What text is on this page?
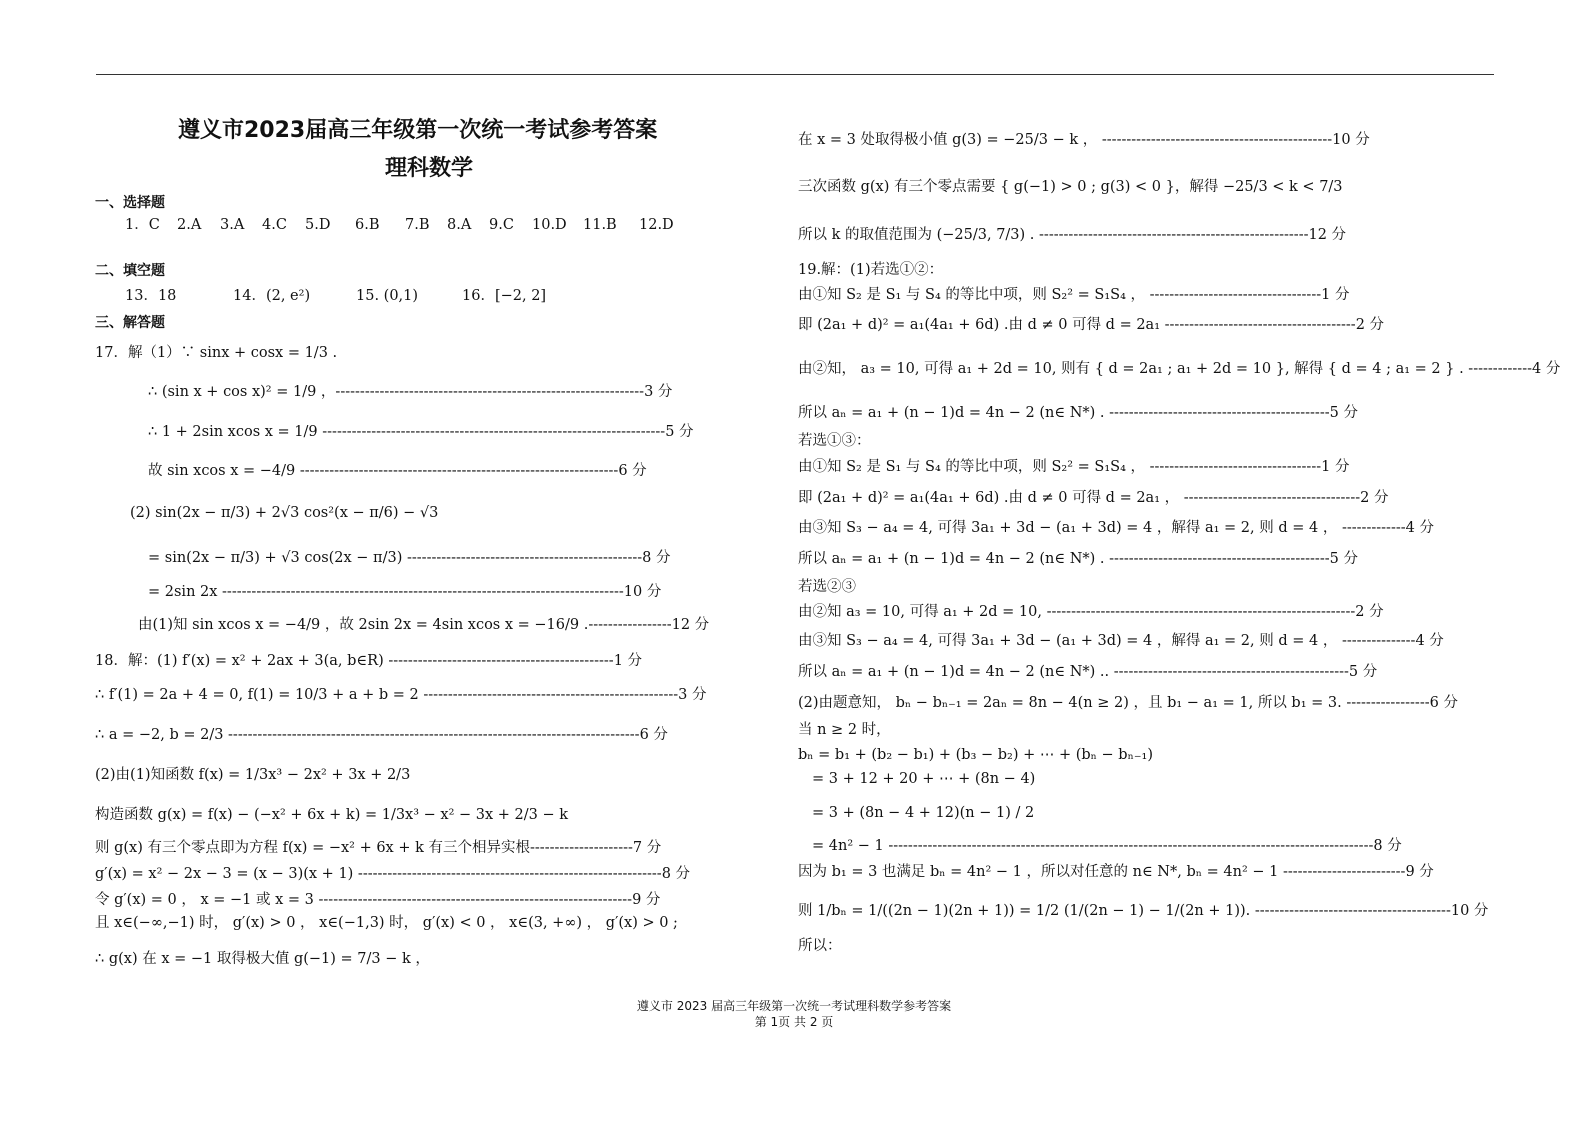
遵义市2023届高三年级第一次统一考试参考答案
理科数学
一、选择题
1．C 2.A 3.A 4.C 5.D 6.B 7.B 8.A 9.C 10.D 11.B 12.D
二、填空题
13．18	14．(2, e²)	15. (0,1)	16．[−2, 2]
三、解答题
17．解（1）∵ sinx + cosx = 1/3 .
∴ (sin x + cos x)² = 1/9 ，---------------------------------------------------------------3 分
∴ 1 + 2sin xcos x = 1/9 ----------------------------------------------------------------------5 分
故 sin xcos x = −4/9 -----------------------------------------------------------------6 分
(2) sin(2x − π/3) + 2√3 cos²(x − π/6) − √3
= sin(2x − π/3) + √3 cos(2x − π/3) ------------------------------------------------8 分
= 2sin 2x ----------------------------------------------------------------------------------10 分
由(1)知 sin xcos x = −4/9 ，故 2sin 2x = 4sin xcos x = −16/9 .-----------------12 分
18．解：(1) f′(x) = x² + 2ax + 3(a, b∈R) ----------------------------------------------1 分
∴ f′(1) = 2a + 4 = 0, f(1) = 10/3 + a + b = 2 ----------------------------------------------------3 分
∴ a = −2, b = 2/3 ------------------------------------------------------------------------------------6 分
(2)由(1)知函数 f(x) = 1/3x³ − 2x² + 3x + 2/3
构造函数 g(x) = f(x) − (−x² + 6x + k) = 1/3x³ − x² − 3x + 2/3 − k
则 g(x) 有三个零点即为方程 f(x) = −x² + 6x + k 有三个相异实根---------------------7 分
g′(x) = x² − 2x − 3 = (x − 3)(x + 1) --------------------------------------------------------------8 分
令 g′(x) = 0 ， x = −1 或 x = 3 ----------------------------------------------------------------9 分
且 x∈(−∞,−1) 时， g′(x) > 0 ， x∈(−1,3) 时， g′(x) < 0 ， x∈(3, +∞) ， g′(x) > 0 ;
∴ g(x) 在 x = −1 取得极大值 g(−1) = 7/3 − k ，
在 x = 3 处取得极小值 g(3) = −25/3 − k ， -----------------------------------------------10 分
三次函数 g(x) 有三个零点需要 { g(−1) > 0 ; g(3) < 0 }，解得 −25/3 < k < 7/3
所以 k 的取值范围为 (−25/3, 7/3) . -------------------------------------------------------12 分
19.解：(1)若选①②：
由①知 S₂ 是 S₁ 与 S₄ 的等比中项，则 S₂² = S₁S₄ ， -----------------------------------1 分
即 (2a₁ + d)² = a₁(4a₁ + 6d) .由 d ≠ 0 可得 d = 2a₁ ---------------------------------------2 分
由②知， a₃ = 10, 可得 a₁ + 2d = 10, 则有 { d = 2a₁ ; a₁ + 2d = 10 }, 解得 { d = 4 ; a₁ = 2 } . -------------4 分
所以 aₙ = a₁ + (n − 1)d = 4n − 2 (n∈ N*) . ---------------------------------------------5 分
若选①③：
由①知 S₂ 是 S₁ 与 S₄ 的等比中项，则 S₂² = S₁S₄ ， -----------------------------------1 分
即 (2a₁ + d)² = a₁(4a₁ + 6d) .由 d ≠ 0 可得 d = 2a₁ ， ------------------------------------2 分
由③知 S₃ − a₄ = 4, 可得 3a₁ + 3d − (a₁ + 3d) = 4 ，解得 a₁ = 2, 则 d = 4 ， -------------4 分
所以 aₙ = a₁ + (n − 1)d = 4n − 2 (n∈ N*) . ---------------------------------------------5 分
若选②③
由②知 a₃ = 10, 可得 a₁ + 2d = 10, ---------------------------------------------------------------2 分
由③知 S₃ − a₄ = 4, 可得 3a₁ + 3d − (a₁ + 3d) = 4 ，解得 a₁ = 2, 则 d = 4 ， ---------------4 分
所以 aₙ = a₁ + (n − 1)d = 4n − 2 (n∈ N*) .. ------------------------------------------------5 分
(2)由题意知， bₙ − bₙ₋₁ = 2aₙ = 8n − 4(n ≥ 2) ，且 b₁ − a₁ = 1, 所以 b₁ = 3. -----------------6 分
当 n ≥ 2 时，
bₙ = b₁ + (b₂ − b₁) + (b₃ − b₂) + ⋯ + (bₙ − bₙ₋₁)
= 3 + 12 + 20 + ⋯ + (8n − 4)
= 3 + (8n − 4 + 12)(n − 1) / 2
= 4n² − 1 ---------------------------------------------------------------------------------------------------8 分
因为 b₁ = 3 也满足 bₙ = 4n² − 1 ，所以对任意的 n∈ N*, bₙ = 4n² − 1 -------------------------9 分
则 1/bₙ = 1/((2n − 1)(2n + 1)) = 1/2 (1/(2n − 1) − 1/(2n + 1)). ----------------------------------------10 分
所以：
遵义市 2023 届高三年级第一次统一考试理科数学参考答案
第 1页 共 2 页
